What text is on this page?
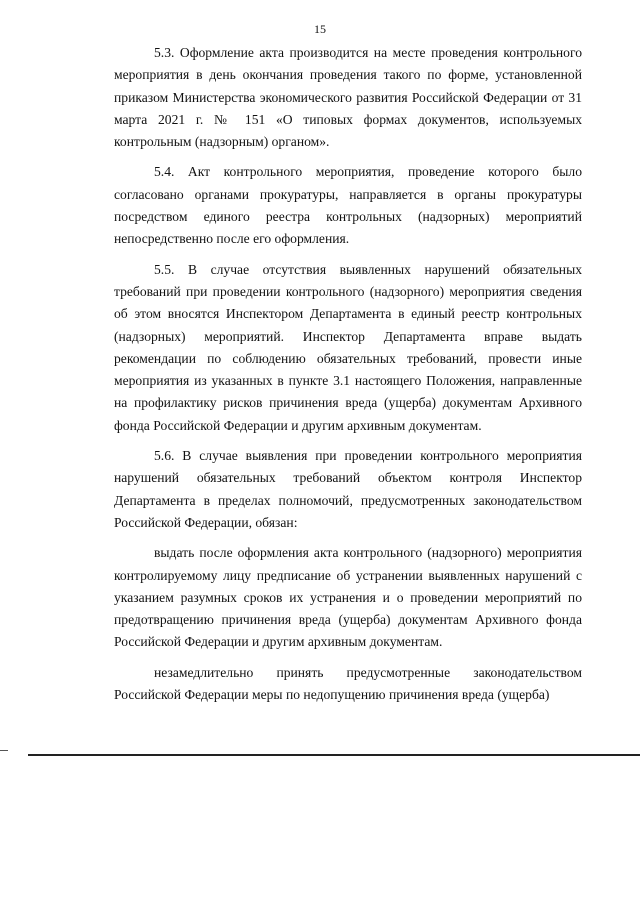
15

5.3. Оформление акта производится на месте проведения контрольного мероприятия в день окончания проведения такого по форме, установленной приказом Министерства экономического развития Российской Федерации от 31 марта 2021 г. № 151 «О типовых формах документов, используемых контрольным (надзорным) органом».

5.4. Акт контрольного мероприятия, проведение которого было согласовано органами прокуратуры, направляется в органы прокуратуры посредством единого реестра контрольных (надзорных) мероприятий непосредственно после его оформления.

5.5. В случае отсутствия выявленных нарушений обязательных требований при проведении контрольного (надзорного) мероприятия сведения об этом вносятся Инспектором Департамента в единый реестр контрольных (надзорных) мероприятий. Инспектор Департамента вправе выдать рекомендации по соблюдению обязательных требований, провести иные мероприятия из указанных в пункте 3.1 настоящего Положения, направленные на профилактику рисков причинения вреда (ущерба) документам Архивного фонда Российской Федерации и другим архивным документам.

5.6. В случае выявления при проведении контрольного мероприятия нарушений обязательных требований объектом контроля Инспектор Департамента в пределах полномочий, предусмотренных законодательством Российской Федерации, обязан:

выдать после оформления акта контрольного (надзорного) мероприятия контролируемому лицу предписание об устранении выявленных нарушений с указанием разумных сроков их устранения и о проведении мероприятий по предотвращению причинения вреда (ущерба) документам Архивного фонда Российской Федерации и другим архивным документам.

незамедлительно принять предусмотренные законодательством Российской Федерации меры по недопущению причинения вреда (ущерба)
